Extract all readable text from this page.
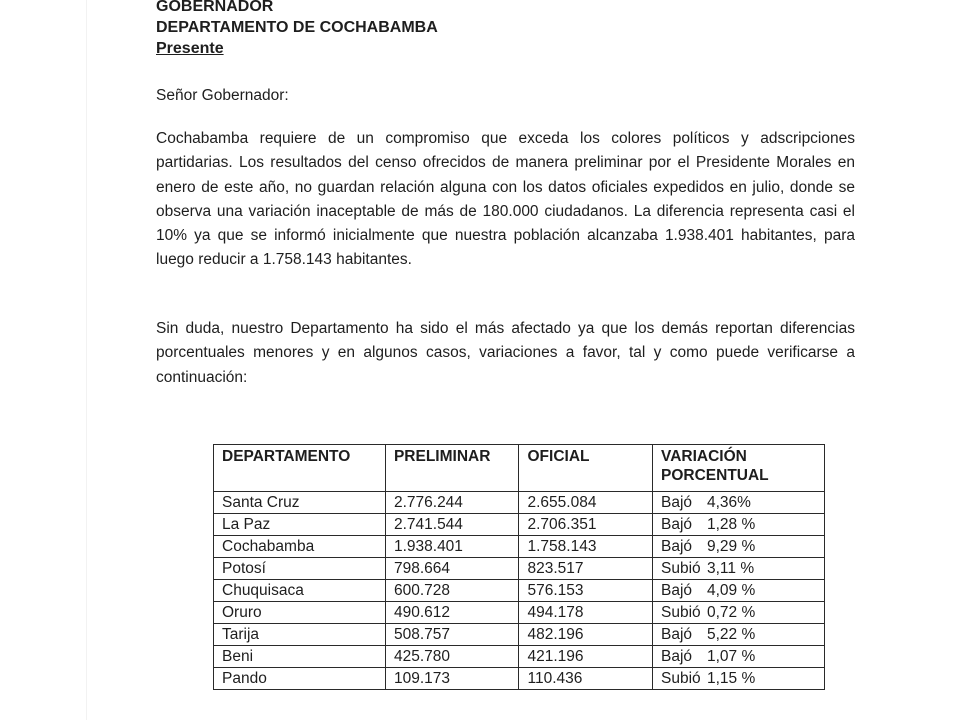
GOBERNADOR
DEPARTAMENTO DE COCHABAMBA
Presente
Señor Gobernador:

Cochabamba requiere de un compromiso que exceda los colores políticos y adscripciones partidarias. Los resultados del censo ofrecidos de manera preliminar por el Presidente Morales en enero de este año, no guardan relación alguna con los datos oficiales expedidos en julio, donde se observa una variación inaceptable de más de 180.000 ciudadanos. La diferencia representa casi el 10% ya que se informó inicialmente que nuestra población alcanzaba 1.938.401 habitantes, para luego reducir a 1.758.143 habitantes.

Sin duda, nuestro Departamento ha sido el más afectado ya que los demás reportan diferencias porcentuales menores y en algunos casos, variaciones a favor, tal y como puede verificarse a continuación:

DEPARTAMENTO	PRELIMINAR	OFICIAL	VARIACIÓN
PORCENTUAL

Santa Cruz	2.776.244	2.655.084	Bajó 4,36%
La Paz	2.741.544	2.706.351	Bajó 1,28 %
Cochabamba	1.938.401	1.758.143	Bajó 9,29 %
Potosí	798.664	823.517	Subió 3,11 %
Chuquisaca	600.728	576.153	Bajó 4,09 %
Oruro	490.612	494.178	Subió 0,72 %
Tarija	508.757	482.196	Bajó 5,22 %
Beni	425.780	421.196	Bajó 1,07 %
Pando	109.173	110.436	Subió 1,15 %
